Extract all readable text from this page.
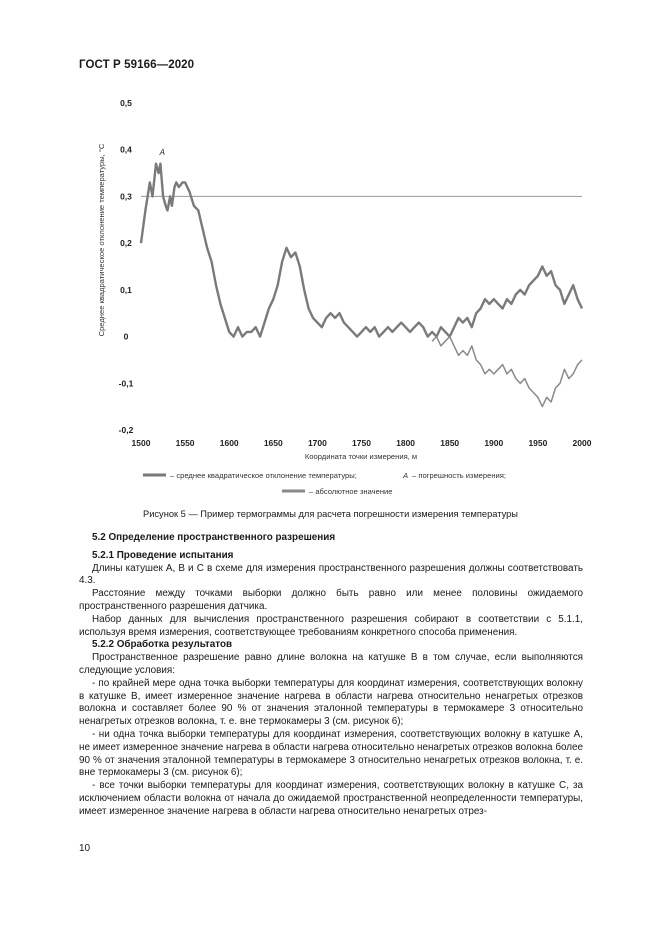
ГОСТ Р 59166—2020
-0,2
-0,1
0
0,1
0,2
0,3
0,4
0,5
1500	1550	1600	1650	1700	1750	1800	1850	1900	1950	2000
Координата точки измерения, м
Среднее квадратическое отклонение температуры, °C	A
– среднее квадратическое отклонение температуры;	A – погрешность измерения;
– абсолютное значение
Рисунок 5 — Пример термограммы для расчета погрешности измерения температуры
5.2 Определение пространственного разрешения
5.2.1 Проведение испытания

Длины катушек A, B и C в схеме для измерения пространственного разрешения должны соответствовать 4.3.

Расстояние между точками выборки должно быть равно или менее половины ожидаемого пространственного разрешения датчика.

Набор данных для вычисления пространственного разрешения собирают в соответствии с 5.1.1, используя время измерения, соответствующее требованиям конкретного способа применения.

5.2.2 Обработка результатов

Пространственное разрешение равно длине волокна на катушке B в том случае, если выполняются следующие условия:

- по крайней мере одна точка выборки температуры для координат измерения, соответствующих волокну в катушке B, имеет измеренное значение нагрева в области нагрева относительно ненагретых отрезков волокна и составляет более 90 % от значения эталонной температуры в термокамере 3 относительно ненагретых отрезков волокна, т. е. вне термокамеры 3 (см. рисунок 6);

- ни одна точка выборки температуры для координат измерения, соответствующих волокну в катушке A, не имеет измеренное значение нагрева в области нагрева относительно ненагретых отрезков волокна более 90 % от значения эталонной температуры в термокамере 3 относительно ненагретых отрезков волокна, т. е. вне термокамеры 3 (см. рисунок 6);

- все точки выборки температуры для координат измерения, соответствующих волокну в катушке С, за исключением области волокна от начала до ожидаемой пространственной неопределенности температуры, имеет измеренное значение нагрева в области нагрева относительно ненагретых отрез-

10
